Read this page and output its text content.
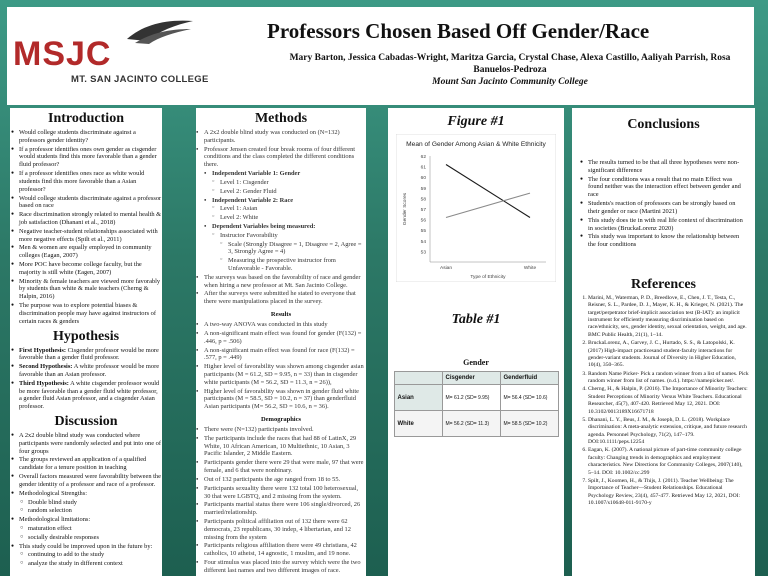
MSJC
MT. SAN JACINTO COLLEGE
Professors Chosen Based Off Gender/Race
Mary Barton, Jessica Cabadas-Wright, Maritza Garcia, Crystal Chase, Alexa Castillo, Aaliyah Parrish, Rosa Banuelos-Pedroza
Mount San Jacinto Community College
Introduction
● Would college students discriminate against a professors gender identity?
● If a professor identifies ones own gender as cisgender would students find this more favorable than a gender fluid professor?
● If a professor identifies ones race as white would students find this more favorable than a Asian professor?
● Would college students discriminate against a professor based on race
● Race discrimination strongly related to mental health & job satisfaction (Dhanani et al., 2018)
● Negative teacher-student relationships associated with more negative effects (Spilt et al., 2011)
● Men & women are equally employed in community colleges (Eagan, 2007)
● More POC have become college faculty, but the majority is still white (Eagen, 2007)
● Minority & female teachers are viewed more favorably by students than white & male teachers (Cherng & Halpin, 2016)
● The purpose was to explore potential biases & discrimination people may have against instructors of certain races & genders
Hypothesis
● First Hypothesis: Cisgender professor would be more favorable than a gender fluid professor.
● Second Hypothesis: A white professor would be more favorable than an Asian professor.
● Third Hypothesis: A white cisgender professor would be more favorable than a gender fluid white professor, a gender fluid Asian professor, and a cisgender Asian professor.
Discussion
● A 2x2 double blind study was conducted where participants were randomly selected and put into one of four groups
● The groups reviewed an application of a qualified candidate for a tenure position in teaching
● Overall factors measured were favorability between the gender identity of a professor and race of a professor.
● Methodological Strengths:
○ Double blind study
○ random selection
● Methodological limitations:
○ maturation effect
○ socially desirable responses
● This study could be improved upon in the future by:
○ continuing to add to the study
○ analyze the study in different context
Methods
● A 2x2 double blind study was conducted on (N=132) participants.
● Professor Jensen created four break rooms of four different conditions and the class completed the different conditions there.
● Independent Variable 1: Gender
○ Level 1: Cisgender
○ Level 2: Gender Fluid
● Independent Variable 2: Race
○ Level 1: Asian
○ Level 2: White
● Dependent Variables being measured:
○ Instructor Favorability
○ Scale (Strongly Disagree = 1, Disagree = 2, Agree = 3, Strongly Agree = 4)
○ Measuring the prospective instructor from Unfavorable - Favorable.
● The surveys was based on the favorability of race and gender when hiring a new professor at Mt. San Jacinto College.
● After the surveys were submitted he stated to everyone that there were manipulations placed in the survey.
Results
● A two-way ANOVA was conducted in this study
● A non-significant main effect was found for gender (F(132) = .446, p = .506)
● A non-significant main effect was found for race (F(132) = .577, p = .449)
● Higher level of favorability was shown among cisgender asian participants (M = 61.2, SD = 9.95, n = 33) than in cisgender white participants (M = 56.2, SD = 11.3, n = 26)),
● Higher level of favorability was shown in gender fluid white participants (M = 58.5, SD = 10.2, n = 37) than genderfluid Asian participants (M= 56.2, SD = 10.6, n = 36).
Demographics
● There were (N=132) participants involved.
● The participants include the races that had 88 of LatinX, 29 White, 10 African American, 10 Multiethnic, 10 Asian, 3 Pacific Islander, 2 Middle Eastern.
● Participants gender there were 29 that were male, 97 that were female, and 6 that were nonbinary.
● Out of 132 participants the age ranged from 18 to 55.
● Participants sexuality there were 132 total 100 heterosexual, 30 that were LGBTQ, and 2 missing from the system.
● Participants marital status there were 106 single/divorced, 26 married/relationship.
● Participants political affiliation out of 132 there were 62 democrats, 23 republicans, 30 indep, 4 libertarian, and 12 missing from the system
● Participants religious affiliation there were 49 christians, 42 catholics, 10 atheist, 14 agnostic, 1 muslim, and 19 none.
● Four stimulus was placed into the survey which were the two different last names and two different images of race.
Figure #1
Mean of Gender Among Asian & White Ethnicity
53
54
55
56
57
58
59
60
61
62
Asian	White
Type of Ethnicity
Gender Scores
Table #1
Gender
	Cisgender	Genderfluid
Asian	M= 61.2 (SD= 9.95)	M= 56.4 (SD= 10.6)
White	M= 56.2 (SD= 11.3)	M= 58.5 (SD= 10.2)
Conclusions
● The results turned to be that all three hypotheses were non-significant difference
● The four conditions was a result that no main Effect was found neither was the interaction effect between gender and race
● Students's reaction of professors can be strongly based on their gender or race (Martini 2021)
● This study does tie in with real life context of discrimination in societies (BruckaLorenz 2020)
● This study was important to know the relationship between the four conditions
References
1. Marini, M., Waterman, P. D., Breedlove, E., Chen, J. T., Testa, C., Reisner, S. L., Pardee, D. J., Mayer, K. H., & Krieger, N. (2021). The target/perpetrator brief-implicit association test (B-IAT): an implicit instrument for efficiently measuring discrimination based on race/ethnicity, sex, gender identity, sexual orientation, weight, and age. BMC Public Health, 21(1), 1–14.
2. BruckaLorenz, A., Garvey, J. C., Hurtado, S. S., & Latopolski, K. (2017) High-impact practicesand student-faculty interactions for gender-variant students. Journal of Diversity in Higher Education, 10(4), 350–365.
3. Random Name Picker- Pick a random winner from a list of names. Pick random winner from list of names. (n.d.). https://namepicker.net/.
4. Cherng, H., & Halpin, P. (2016). The Importance of Minority Teachers: Student Perceptions of Minority Versus White Teachers. Educational Researcher, 45(7), 407-420. Retrieved May 12, 2021. DOI: 10.3102/0013189X16671718
5. Dhanani, L. Y., Beus, J. M., & Joseph, D. L. (2018). Workplace discrimination: A meta-analytic extension, critique, and future research agenda. Personnel Psychology, 71(2), 147–179. DOI:10.1111/peps.12254
6. Eagan, K. (2007). A national picture of part-time community college faculty: Changing trends in demographics and employment characteristics. New Directions for Community Colleges, 2007(140), 5–14. DOI: 10.1002/cc.299
7. Spilt, J., Koomen, H., & Thijs, J. (2011). Teacher Wellbeing: The Importance of Teacher—Student Relationships. Educational Psychology Review, 23(4), 457-477. Retrieved May 12, 2021, DOI: 10.1007/s10648-011-9170-y
